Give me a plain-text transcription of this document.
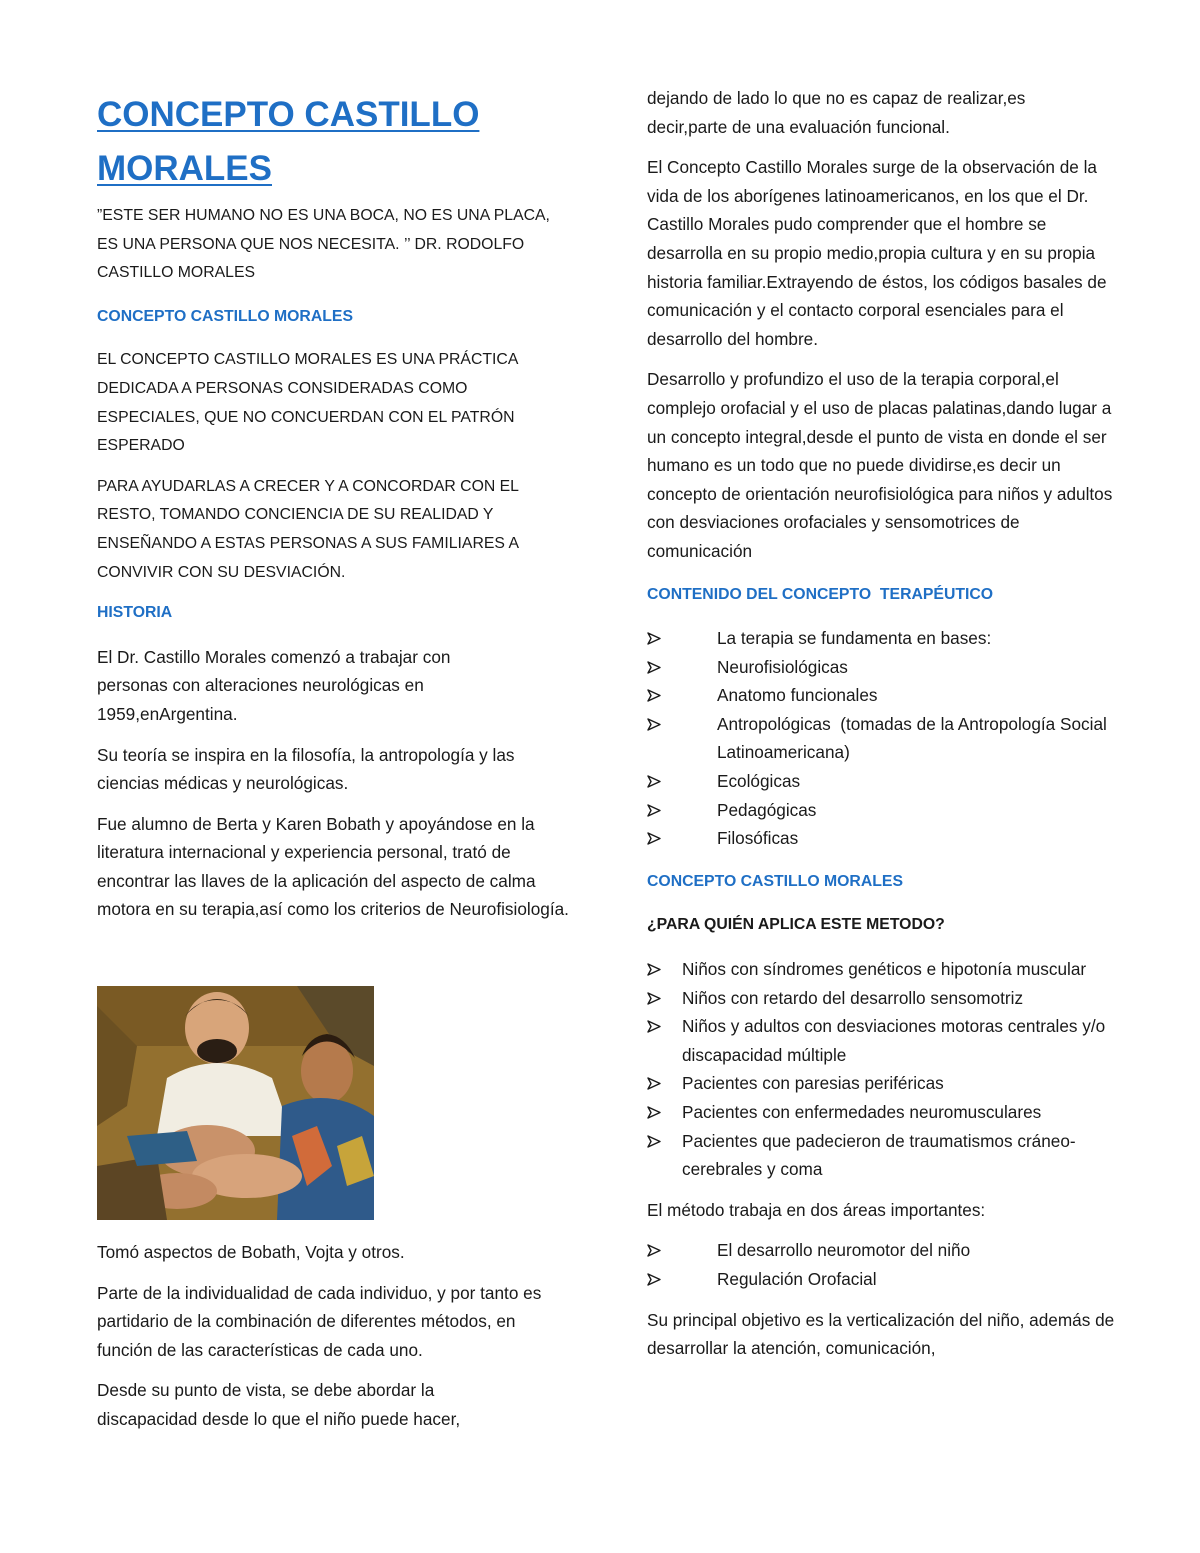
CONCEPTO CASTILLO
MORALES

”ESTE SER HUMANO NO ES UNA BOCA, NO ES UNA PLACA, ES UNA PERSONA QUE NOS NECESITA. ’’ DR. RODOLFO CASTILLO MORALES

CONCEPTO CASTILLO MORALES

EL CONCEPTO CASTILLO MORALES ES UNA PRÁCTICA DEDICADA A PERSONAS CONSIDERADAS COMO ESPECIALES, QUE NO CONCUERDAN CON EL PATRÓN ESPERADO

PARA AYUDARLAS A CRECER Y A CONCORDAR CON EL RESTO, TOMANDO CONCIENCIA DE SU REALIDAD Y ENSEÑANDO A ESTAS PERSONAS A SUS FAMILIARES A CONVIVIR CON SU DESVIACIÓN.

HISTORIA

El Dr. Castillo Morales comenzó a trabajar con personas con alteraciones neurológicas en 1959,enArgentina.

Su teoría se inspira en la filosofía, la antropología y las ciencias médicas y neurológicas.

Fue alumno de Berta y Karen Bobath y apoyándose en la literatura internacional y experiencia personal, trató de encontrar las llaves de la aplicación del aspecto de calma motora en su terapia,así como los criterios de Neurofisiología.

Tomó aspectos de Bobath, Vojta y otros.

Parte de la individualidad de cada individuo, y por tanto es partidario de la combinación de diferentes métodos, en función de las características de cada uno.

Desde su punto de vista, se debe abordar la discapacidad desde lo que el niño puede hacer,

dejando de lado lo que no es capaz de realizar,es decir,parte de una evaluación funcional.

El Concepto Castillo Morales surge de la observación de la vida de los aborígenes latinoamericanos, en los que el Dr. Castillo Morales pudo comprender que el hombre se desarrolla en su propio medio,propia cultura y en su propia historia familiar.Extrayendo de éstos, los códigos basales de comunicación y el contacto corporal esenciales para el desarrollo del hombre.

Desarrollo y profundizo el uso de la terapia corporal,el complejo orofacial y el uso de placas palatinas,dando lugar a un concepto integral,desde el punto de vista en donde el ser humano es un todo que no puede dividirse,es decir un concepto de orientación neurofisiológica para niños y adultos con desviaciones orofaciales y sensomotrices de comunicación

CONTENIDO DEL CONCEPTO  TERAPÉUTICO
La terapia se fundamenta en bases:
Neurofisiológicas
Anatomo funcionales
Antropológicas  (tomadas de la Antropología Social Latinoamericana)
Ecológicas
Pedagógicas
Filosóficas
CONCEPTO CASTILLO MORALES
¿PARA QUIÉN APLICA ESTE METODO?
Niños con síndromes genéticos e hipotonía muscular
Niños con retardo del desarrollo sensomotriz
Niños y adultos con desviaciones motoras centrales y/o discapacidad múltiple
Pacientes con paresias periféricas
Pacientes con enfermedades neuromusculares
Pacientes que padecieron de traumatismos cráneo- cerebrales y coma

El método trabaja en dos áreas importantes:

El desarrollo neuromotor del niño
Regulación Orofacial

Su principal objetivo es la verticalización del niño, además de desarrollar la atención, comunicación,
